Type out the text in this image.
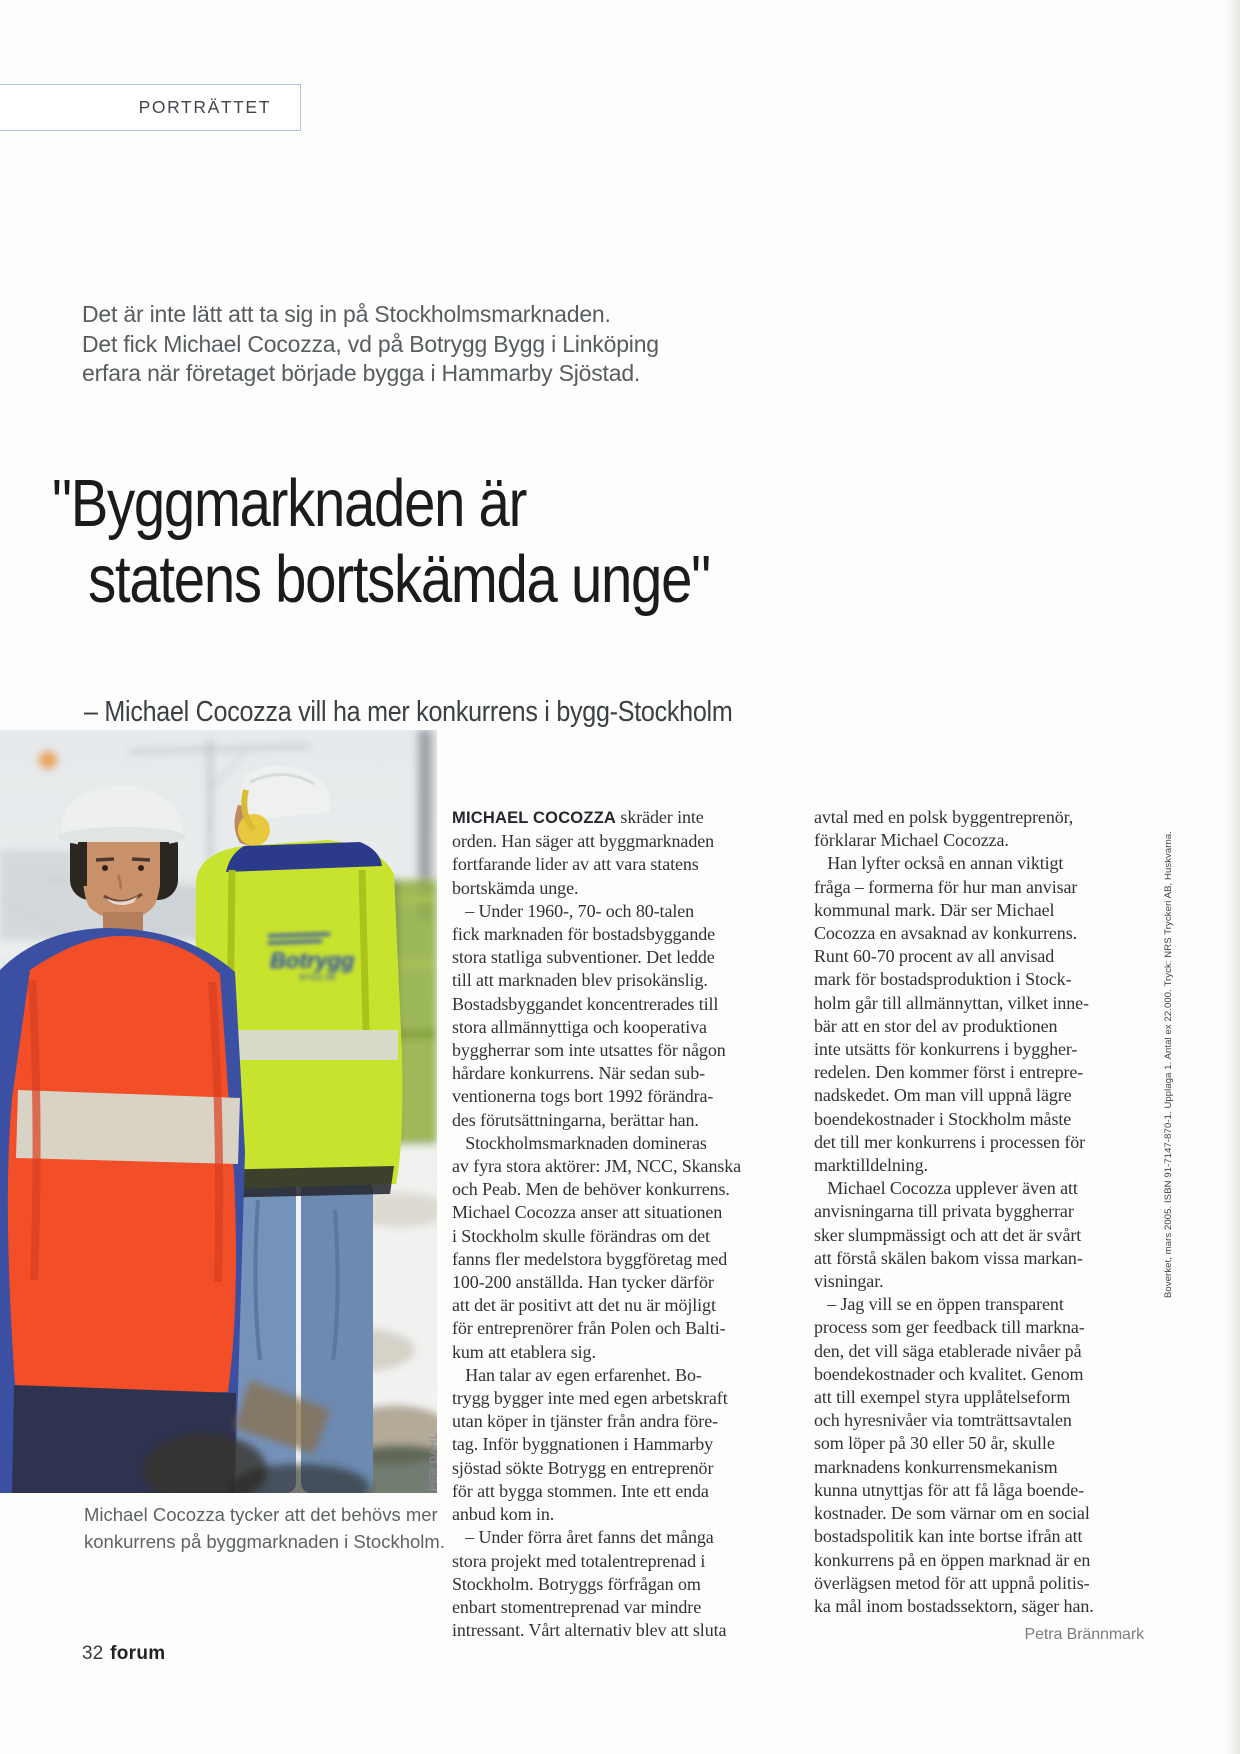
PORTRÄTTET
Det är inte lätt att ta sig in på Stockholmsmarknaden.
Det fick Michael Cocozza, vd på Botrygg Bygg i Linköping
erfara när företaget började bygga i Hammarby Sjöstad.
"Byggmarknaden är
statens bortskämda unge"
– Michael Cocozza vill ha mer konkurrens i bygg-Stockholm
Botrygg
BYGG AB
PER DAHL
Michael Cocozza tycker att det behövs mer
konkurrens på byggmarknaden i Stockholm.
MICHAEL COCOZZA skräder inte
orden. Han säger att byggmarknaden
fortfarande lider av att vara statens
bortskämda unge.
– Under 1960-, 70- och 80-talen
fick marknaden för bostadsbyggande
stora statliga subventioner. Det ledde
till att marknaden blev prisokänslig.
Bostadsbyggandet koncentrerades till
stora allmännyttiga och kooperativa
byggherrar som inte utsattes för någon
hårdare konkurrens. När sedan sub-
ventionerna togs bort 1992 förändra-
des förutsättningarna, berättar han.
Stockholmsmarknaden domineras
av fyra stora aktörer: JM, NCC, Skanska
och Peab. Men de behöver konkurrens.
Michael Cocozza anser att situationen
i Stockholm skulle förändras om det
fanns fler medelstora byggföretag med
100-200 anställda. Han tycker därför
att det är positivt att det nu är möjligt
för entreprenörer från Polen och Balti-
kum att etablera sig.
Han talar av egen erfarenhet. Bo-
trygg bygger inte med egen arbetskraft
utan köper in tjänster från andra före-
tag. Inför byggnationen i Hammarby
sjöstad sökte Botrygg en entreprenör
för att bygga stommen. Inte ett enda
anbud kom in.
– Under förra året fanns det många
stora projekt med totalentreprenad i
Stockholm. Botryggs förfrågan om
enbart stomentreprenad var mindre
intressant. Vårt alternativ blev att sluta
avtal med en polsk byggentreprenör,
förklarar Michael Cocozza.
Han lyfter också en annan viktigt
fråga – formerna för hur man anvisar
kommunal mark. Där ser Michael
Cocozza en avsaknad av konkurrens.
Runt 60-70 procent av all anvisad
mark för bostadsproduktion i Stock-
holm går till allmännyttan, vilket inne-
bär att en stor del av produktionen
inte utsätts för konkurrens i byggher-
redelen. Den kommer först i entrepre-
nadskedet. Om man vill uppnå lägre
boendekostnader i Stockholm måste
det till mer konkurrens i processen för
marktilldelning.
Michael Cocozza upplever även att
anvisningarna till privata byggherrar
sker slumpmässigt och att det är svårt
att förstå skälen bakom vissa markan-
visningar.
– Jag vill se en öppen transparent
process som ger feedback till markna-
den, det vill säga etablerade nivåer på
boendekostnader och kvalitet. Genom
att till exempel styra upplåtelseform
och hyresnivåer via tomträttsavtalen
som löper på 30 eller 50 år, skulle
marknadens konkurrensmekanism
kunna utnyttjas för att få låga boende-
kostnader. De som värnar om en social
bostadspolitik kan inte bortse ifrån att
konkurrens på en öppen marknad är en
överlägsen metod för att uppnå politis-
ka mål inom bostadssektorn, säger han.
Petra Brännmark
Boverket, mars 2005. ISBN 91-7147-870-1. Upplaga 1. Antal ex 22.000. Tryck: NRS Tryckeri AB, Huskvarna.
32 forum
